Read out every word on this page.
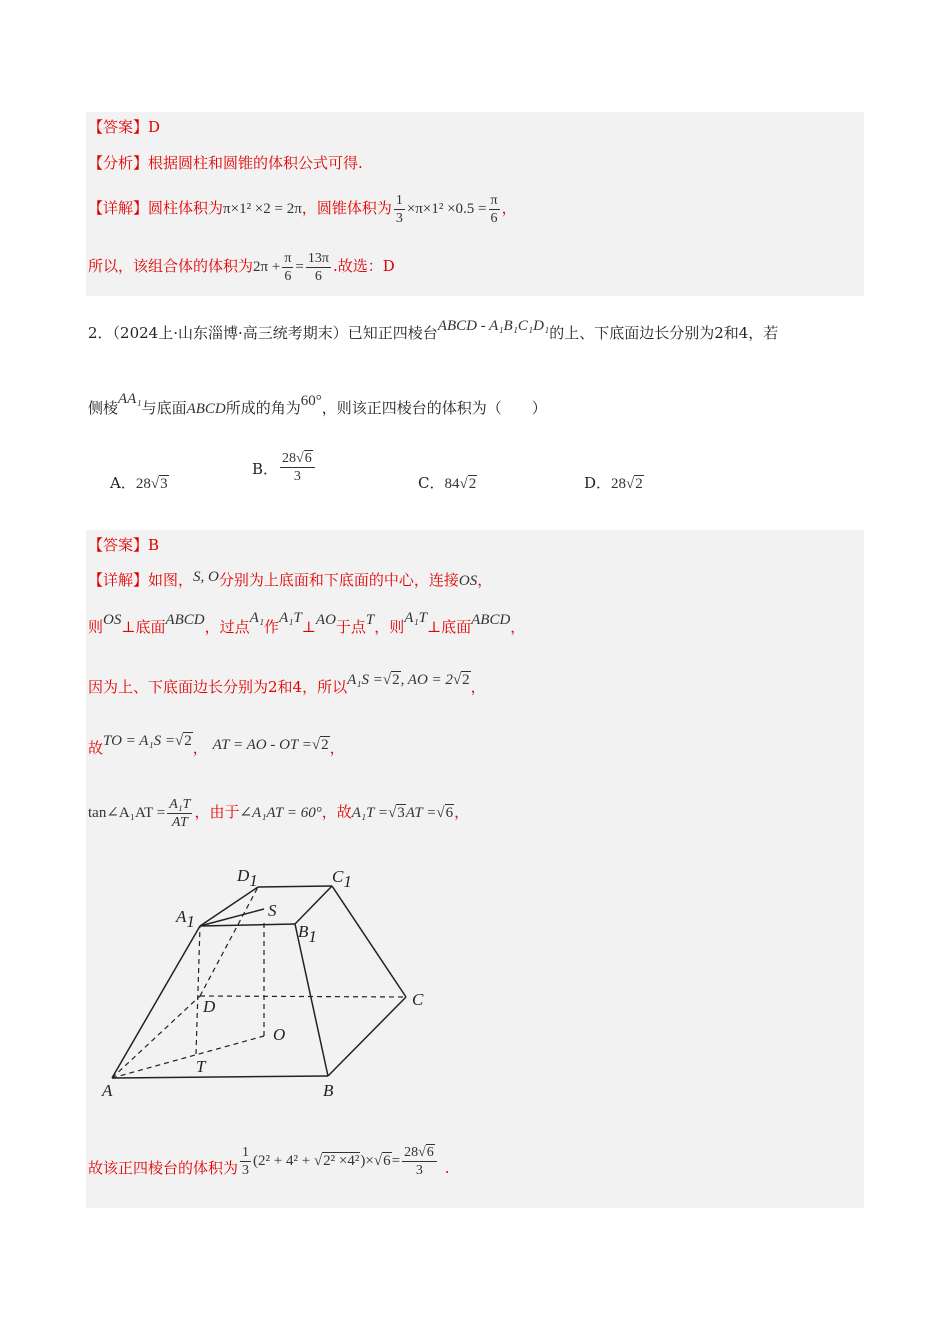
【答案】D
【分析】根据圆柱和圆锥的体积公式可得.
【详解】圆柱体积为π×1² ×2 = 2π，圆锥体积为 $\frac{1}{3} \times\pi\times 1^2 \times 0.5 = \frac{\pi}{6}$ ，
所以，该组合体的体积为$2\pi + \frac{\pi}{6} = \frac{13\pi}{6}$ .故选：D
2．（2024上·山东淄博·高三统考期末）已知正四棱台ABCD - A₁B₁C₁D₁的上、下底面边长分别为2和4，若
侧棱AA₁与底面ABCD所成的角为60°，则该正四棱台的体积为（　　）
A．28√3
B． $\frac{28√6}{3}$	C．84√2	D．28√2
【答案】B
【详解】如图，S, O分别为上底面和下底面的中心，连接OS，
则OS⊥底面ABCD，过点A₁作A₁T⊥AO于点T，则A₁T⊥底面ABCD，
因为上、下底面边长分别为2和4，所以A₁S =√2, AO = 2√2，
故TO = A₁S =√2， AT = AO - OT =√2，
tan∠A₁AT = $\frac{\text{A₁T}}{AT}$ ，由于∠A₁AT = 60°，故A₁T =√3AT =√6，
D1	C1
A1
B1
S
D	C
O
T
A	B
故该正四棱台的体积为 $\frac{1}{3} (2^2 + 4^2 + √2^2 \times 4^2)\times√6= \frac{28√6}{3}$ .
